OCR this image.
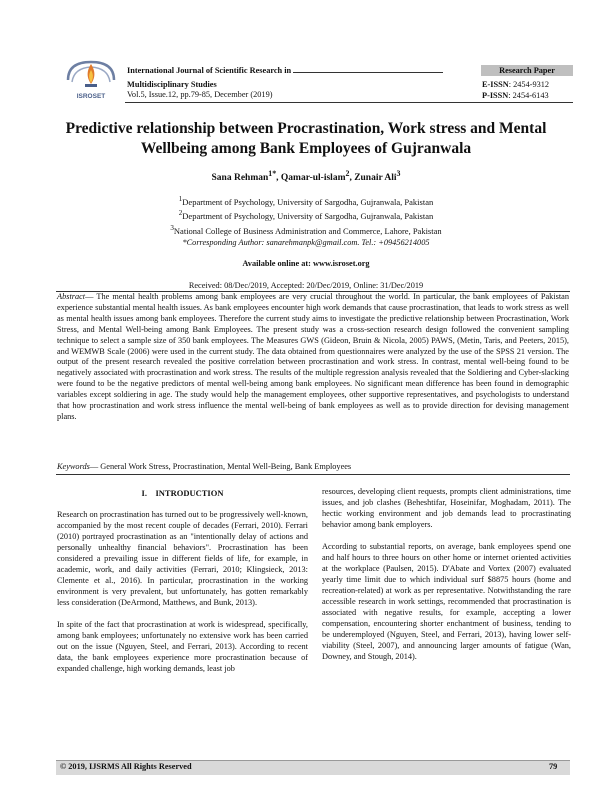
ISROSET
International Journal of Scientific Research in
Multidisciplinary Studies
Vol.5, Issue.12, pp.79-85, December (2019)
Research Paper
E-ISSN: 2454-9312
P-ISSN: 2454-6143
Predictive relationship between Procrastination, Work stress and Mental Wellbeing among Bank Employees of Gujranwala
Sana Rehman$^{1*}$, Qamar-ul-islam$^2$, Zunair Ali$^3$
$^1$Department of Psychology, University of Sargodha, Gujranwala, Pakistan
$^2$Department of Psychology, University of Sargodha, Gujranwala, Pakistan
$^3$National College of Business Administration and Commerce, Lahore, Pakistan
*Corresponding Author: sanarehmanpk@gmail.com. Tel.: +09456214005
Available online at: www.isroset.org
Received: 08/Dec/2019, Accepted: 20/Dec/2019, Online: 31/Dec/2019
Abstract— The mental health problems among bank employees are very crucial throughout the world. In particular, the bank employees of Pakistan experience substantial mental health issues. As bank employees encounter high work demands that cause procrastination, that leads to work stress as well as mental health issues among bank employees. Therefore the current study aims to investigate the predictive relationship between Procrastination, Work Stress, and Mental Well-being among Bank Employees. The present study was a cross-section research design followed the convenient sampling technique to select a sample size of 350 bank employees. The Measures GWS (Gideon, Bruin & Nicola, 2005) PAWS, (Metin, Taris, and Peeters, 2015), and WEMWB Scale (2006) were used in the current study. The data obtained from questionnaires were analyzed by the use of the SPSS 21 version. The output of the present research revealed the positive correlation between procrastination and work stress. In contrast, mental well-being found to be negatively associated with procrastination and work stress. The results of the multiple regression analysis revealed that the Soldiering and Cyber-slacking were found to be the negative predictors of mental well-being among bank employees. No significant mean difference has been found in demographic variables except soldiering in age. The study would help the management employees, other supportive representatives, and psychologists to understand that how procrastination and work stress influence the mental well-being of bank employees as well as to provide direction for devising management plans.
Keywords— General Work Stress, Procrastination, Mental Well-Being, Bank Employees

I. INTRODUCTION

Research on procrastination has turned out to be progressively well-known, accompanied by the most recent couple of decades (Ferrari, 2010). Ferrari (2010) portrayed procrastination as an "intentionally delay of actions and personally unhealthy financial behaviors". Procrastination has been considered a prevailing issue in different fields of life, for example, in academic, work, and daily activities (Ferrari, 2010; Klingsieck, 2013: Clemente et al., 2016). In particular, procrastination in the working environment is very prevalent, but unfortunately, has gotten remarkably less consideration (DeArmond, Matthews, and Bunk, 2013).

In spite of the fact that procrastination at work is widespread, specifically, among bank employees; unfortunately no extensive work has been carried out on the issue (Nguyen, Steel, and Ferrari, 2013). According to recent data, the bank employees experience more procrastination because of expanded challenge, high working demands, least job

resources, developing client requests, prompts client administrations, time issues, and job clashes (Beheshtifar, Hoseinifar, Moghadam, 2011). The hectic working environment and job demands lead to procrastinating behavior among bank employers.

According to substantial reports, on average, bank employees spend one and half hours to three hours on other home or internet oriented activities at the workplace (Paulsen, 2015). D'Abate and Vortex (2007) evaluated yearly time limit due to which individual surf $8875 hours (home and recreation-related) at work as per representative. Notwithstanding the rare accessible research in work settings, recommended that procrastination is associated with negative results, for example, accepting a lower compensation, encountering shorter enchantment of business, tending to be underemployed (Nguyen, Steel, and Ferrari, 2013), having lower self-viability (Steel, 2007), and announcing larger amounts of fatigue (Wan, Downey, and Stough, 2014).

© 2019, IJSRMS All Rights Reserved	79
